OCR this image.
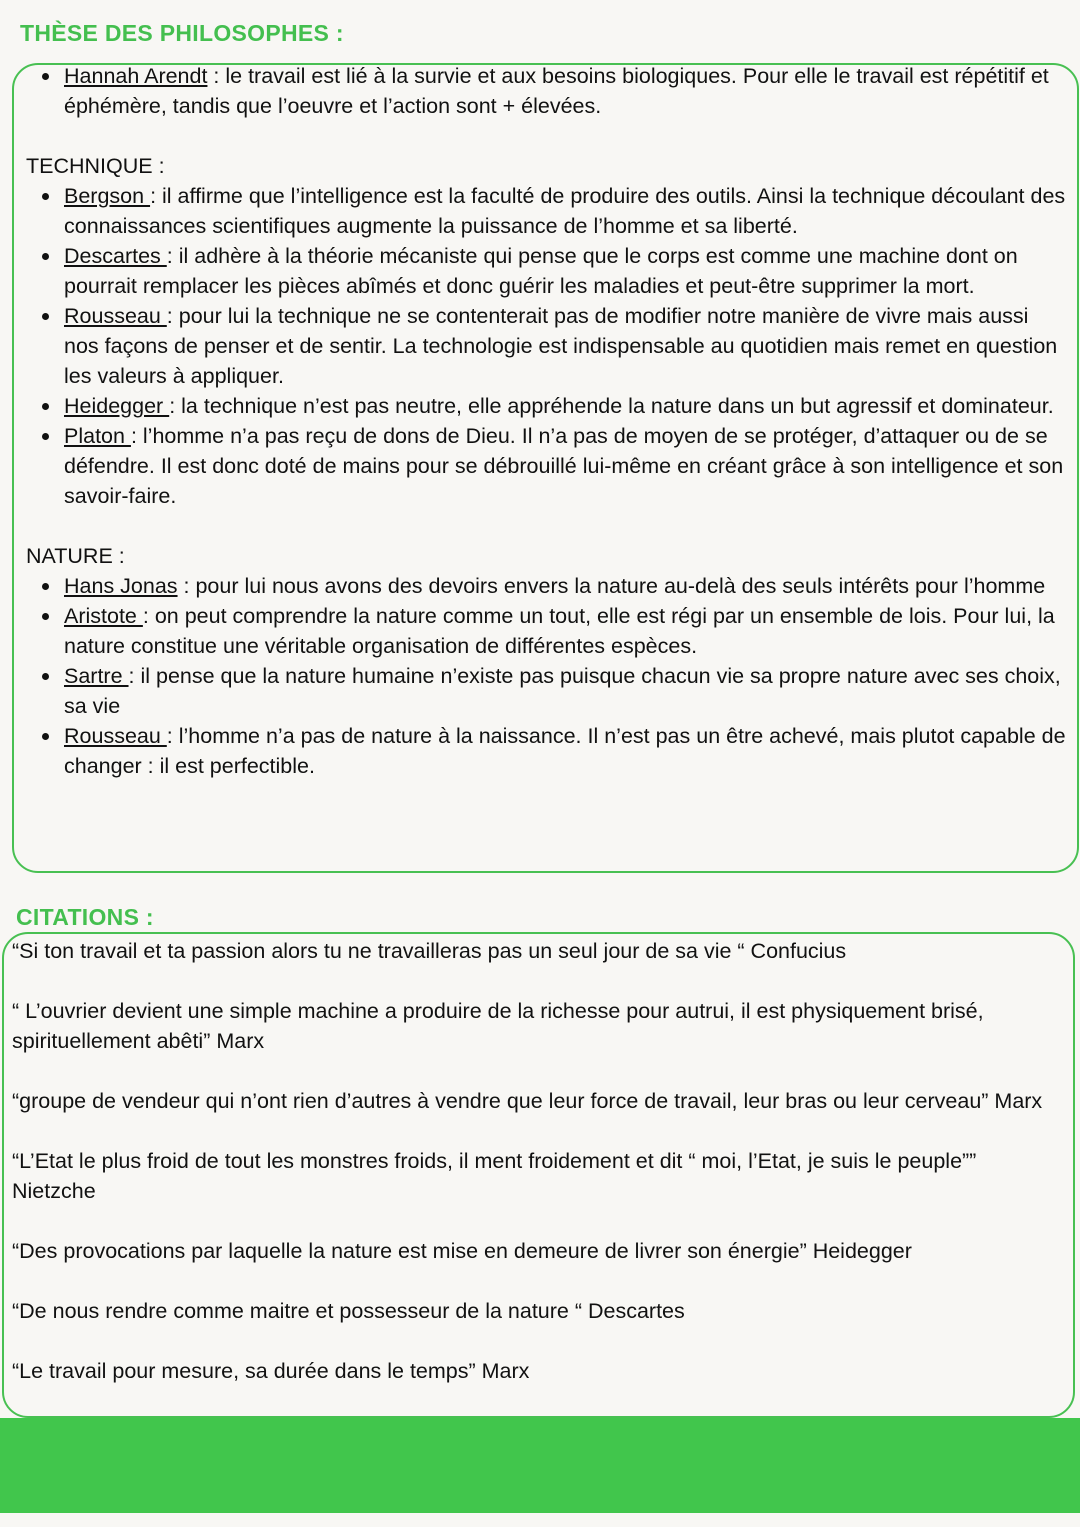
THÈSE DES PHILOSOPHES :
Hannah Arendt : le travail est lié à la survie et aux besoins biologiques. Pour elle le travail est répétitif et éphémère, tandis que l’oeuvre et l’action sont + élevées.
TECHNIQUE :
Bergson : il affirme que l’intelligence est la faculté de produire des outils. Ainsi la technique découlant des connaissances scientifiques augmente la puissance de l’homme et sa liberté.
Descartes : il adhère à la théorie mécaniste qui pense que le corps est comme une machine dont on pourrait remplacer les pièces abîmés et donc guérir les maladies et peut-être supprimer la mort.
Rousseau : pour lui la technique ne se contenterait pas de modifier notre manière de vivre mais aussi nos façons de penser et de sentir. La technologie est indispensable au quotidien mais remet en question les valeurs à appliquer.
Heidegger : la technique n’est pas neutre, elle appréhende la nature dans un but agressif et dominateur.
Platon : l’homme n’a pas reçu de dons de Dieu. Il n’a pas de moyen de se protéger, d’attaquer ou de se défendre. Il est donc doté de mains pour se débrouillé lui-même en créant grâce à son intelligence et son savoir-faire.
NATURE :
Hans Jonas : pour lui nous avons des devoirs envers la nature au-delà des seuls intérêts pour l’homme
Aristote : on peut comprendre la nature comme un tout, elle est régi par un ensemble de lois. Pour lui, la nature constitue une véritable organisation de différentes espèces.
Sartre : il pense que la nature humaine n’existe pas puisque chacun vie sa propre nature avec ses choix, sa vie
Rousseau : l’homme n’a pas de nature à la naissance. Il n’est pas un être achevé, mais plutot capable de changer : il est perfectible.
CITATIONS :
“Si ton travail et ta passion alors tu ne travailleras pas un seul jour de sa vie “ Confucius
“ L’ouvrier devient une simple machine a produire de la richesse pour autrui, il est physiquement brisé, spirituellement abêti” Marx
“groupe de vendeur qui n’ont rien d’autres à vendre que leur force de travail, leur bras ou leur cerveau” Marx
“L’Etat le plus froid de tout les monstres froids, il ment froidement et dit “ moi, l’Etat, je suis le peuple”” Nietzche
“Des provocations par laquelle la nature est mise en demeure de livrer son énergie” Heidegger
“De nous rendre comme maitre et possesseur de la nature “ Descartes
“Le travail pour mesure, sa durée dans le temps” Marx
